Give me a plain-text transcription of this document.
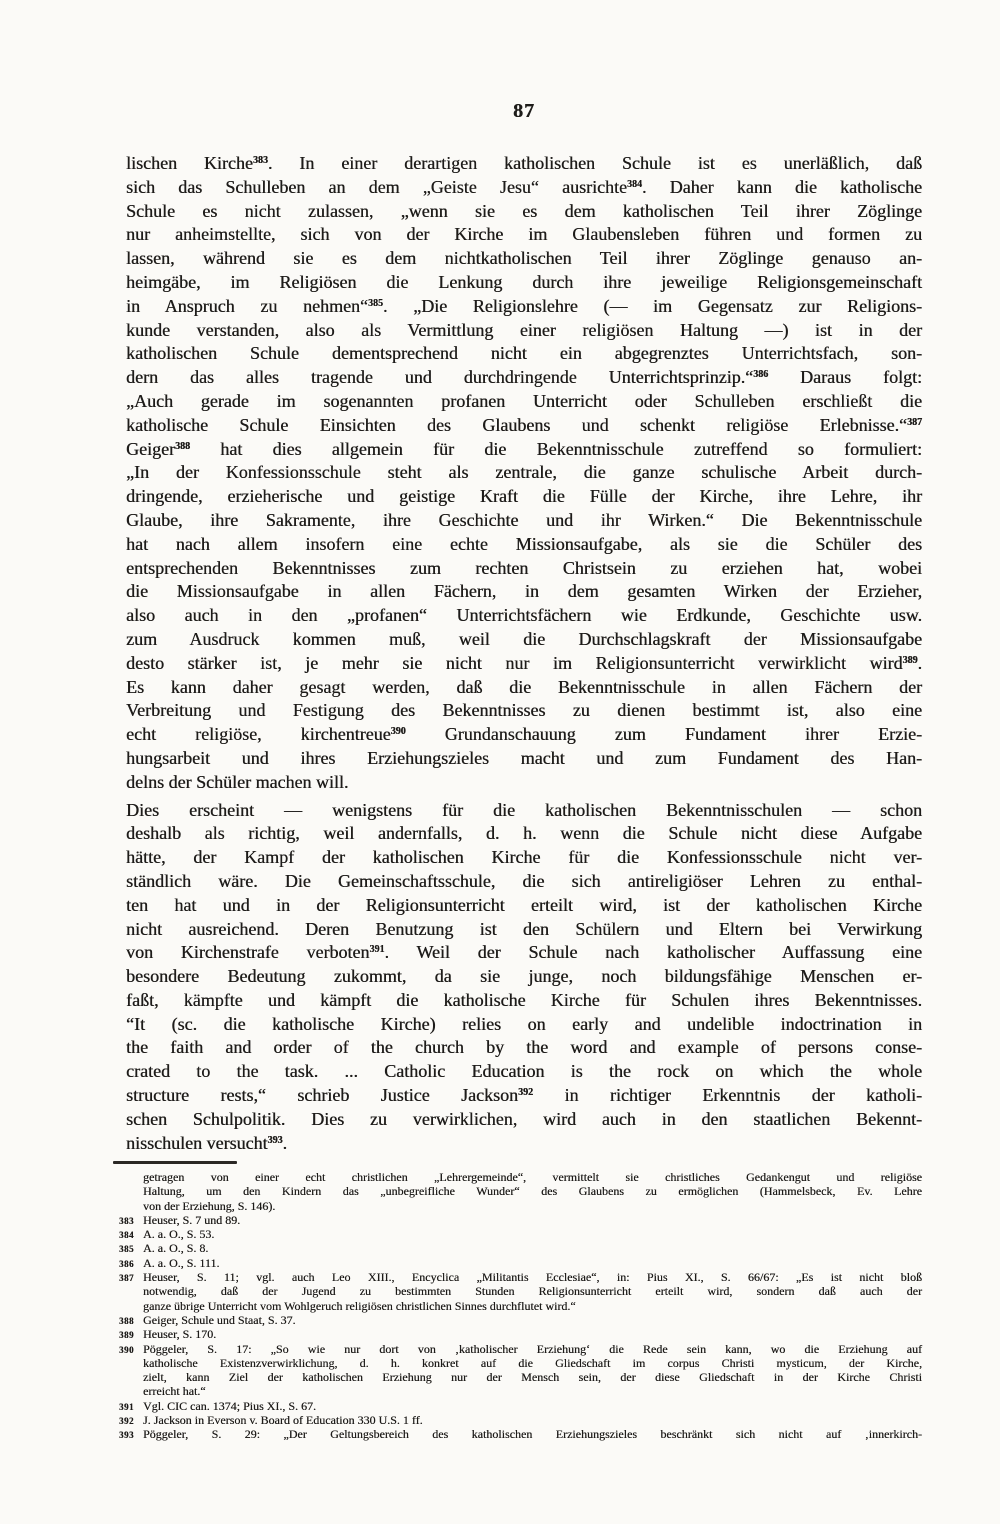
87
lischen Kirche383. In einer derartigen katholischen Schule ist es unerläßlich, daß
sich das Schulleben an dem „Geiste Jesu“ ausrichte384. Daher kann die katholische
Schule es nicht zulassen, „wenn sie es dem katholischen Teil ihrer Zöglinge
nur anheimstellte, sich von der Kirche im Glaubensleben führen und formen zu
lassen, während sie es dem nichtkatholischen Teil ihrer Zöglinge genauso an-
heimgäbe, im Religiösen die Lenkung durch ihre jeweilige Religionsgemeinschaft
in Anspruch zu nehmen“385. „Die Religionslehre (— im Gegensatz zur Religions-
kunde verstanden, also als Vermittlung einer religiösen Haltung —) ist in der
katholischen Schule dementsprechend nicht ein abgegrenztes Unterrichtsfach, son-
dern das alles tragende und durchdringende Unterrichtsprinzip.“386 Daraus folgt:
„Auch gerade im sogenannten profanen Unterricht oder Schulleben erschließt die
katholische Schule Einsichten des Glaubens und schenkt religiöse Erlebnisse.“387
Geiger388 hat dies allgemein für die Bekenntnisschule zutreffend so formuliert:
„In der Konfessionsschule steht als zentrale, die ganze schulische Arbeit durch-
dringende, erzieherische und geistige Kraft die Fülle der Kirche, ihre Lehre, ihr
Glaube, ihre Sakramente, ihre Geschichte und ihr Wirken.“ Die Bekenntnisschule
hat nach allem insofern eine echte Missionsaufgabe, als sie die Schüler des
entsprechenden Bekenntnisses zum rechten Christsein zu erziehen hat, wobei
die Missionsaufgabe in allen Fächern, in dem gesamten Wirken der Erzieher,
also auch in den „profanen“ Unterrichtsfächern wie Erdkunde, Geschichte usw.
zum Ausdruck kommen muß, weil die Durchschlagskraft der Missionsaufgabe
desto stärker ist, je mehr sie nicht nur im Religionsunterricht verwirklicht wird389.
Es kann daher gesagt werden, daß die Bekenntnisschule in allen Fächern der
Verbreitung und Festigung des Bekenntnisses zu dienen bestimmt ist, also eine
echt religiöse, kirchentreue390 Grundanschauung zum Fundament ihrer Erzie-
hungsarbeit und ihres Erziehungszieles macht und zum Fundament des Han-
delns der Schüler machen will.
Dies erscheint — wenigstens für die katholischen Bekenntnisschulen — schon
deshalb als richtig, weil andernfalls, d. h. wenn die Schule nicht diese Aufgabe
hätte, der Kampf der katholischen Kirche für die Konfessionsschule nicht ver-
ständlich wäre. Die Gemeinschaftsschule, die sich antireligiöser Lehren zu enthal-
ten hat und in der Religionsunterricht erteilt wird, ist der katholischen Kirche
nicht ausreichend. Deren Benutzung ist den Schülern und Eltern bei Verwirkung
von Kirchenstrafe verboten391. Weil der Schule nach katholischer Auffassung eine
besondere Bedeutung zukommt, da sie junge, noch bildungsfähige Menschen er-
faßt, kämpfte und kämpft die katholische Kirche für Schulen ihres Bekenntnisses.
“It (sc. die katholische Kirche) relies on early and undelible indoctrination in
the faith and order of the church by the word and example of persons conse-
crated to the task. ... Catholic Education is the rock on which the whole
structure rests,“ schrieb Justice Jackson392 in richtiger Erkenntnis der katholi-
schen Schulpolitik. Dies zu verwirklichen, wird auch in den staatlichen Bekennt-
nisschulen versucht393.
getragen von einer echt christlichen „Lehrergemeinde“, vermittelt sie christliches Gedankengut und religiöse
Haltung, um den Kindern das „unbegreifliche Wunder“ des Glaubens zu ermöglichen (Hammelsbeck, Ev. Lehre
von der Erziehung, S. 146).
383 Heuser, S. 7 und 89.
384 A. a. O., S. 53.
385 A. a. O., S. 8.
386 A. a. O., S. 111.
387 Heuser, S. 11; vgl. auch Leo XIII., Encyclica „Militantis Ecclesiae“, in: Pius XI., S. 66/67: „Es ist nicht bloß
notwendig, daß der Jugend zu bestimmten Stunden Religionsunterricht erteilt wird, sondern daß auch der
ganze übrige Unterricht vom Wohlgeruch religiösen christlichen Sinnes durchflutet wird.“
388 Geiger, Schule und Staat, S. 37.
389 Heuser, S. 170.
390 Pöggeler, S. 17: „So wie nur dort von ‚katholischer Erziehung‘ die Rede sein kann, wo die Erziehung auf
katholische Existenzverwirklichung, d. h. konkret auf die Gliedschaft im corpus Christi mysticum, der Kirche,
zielt, kann Ziel der katholischen Erziehung nur der Mensch sein, der diese Gliedschaft in der Kirche Christi
erreicht hat.“
391 Vgl. CIC can. 1374; Pius XI., S. 67.
392 J. Jackson in Everson v. Board of Education 330 U.S. 1 ff.
393 Pöggeler, S. 29: „Der Geltungsbereich des katholischen Erziehungszieles beschränkt sich nicht auf ‚innerkirch-
